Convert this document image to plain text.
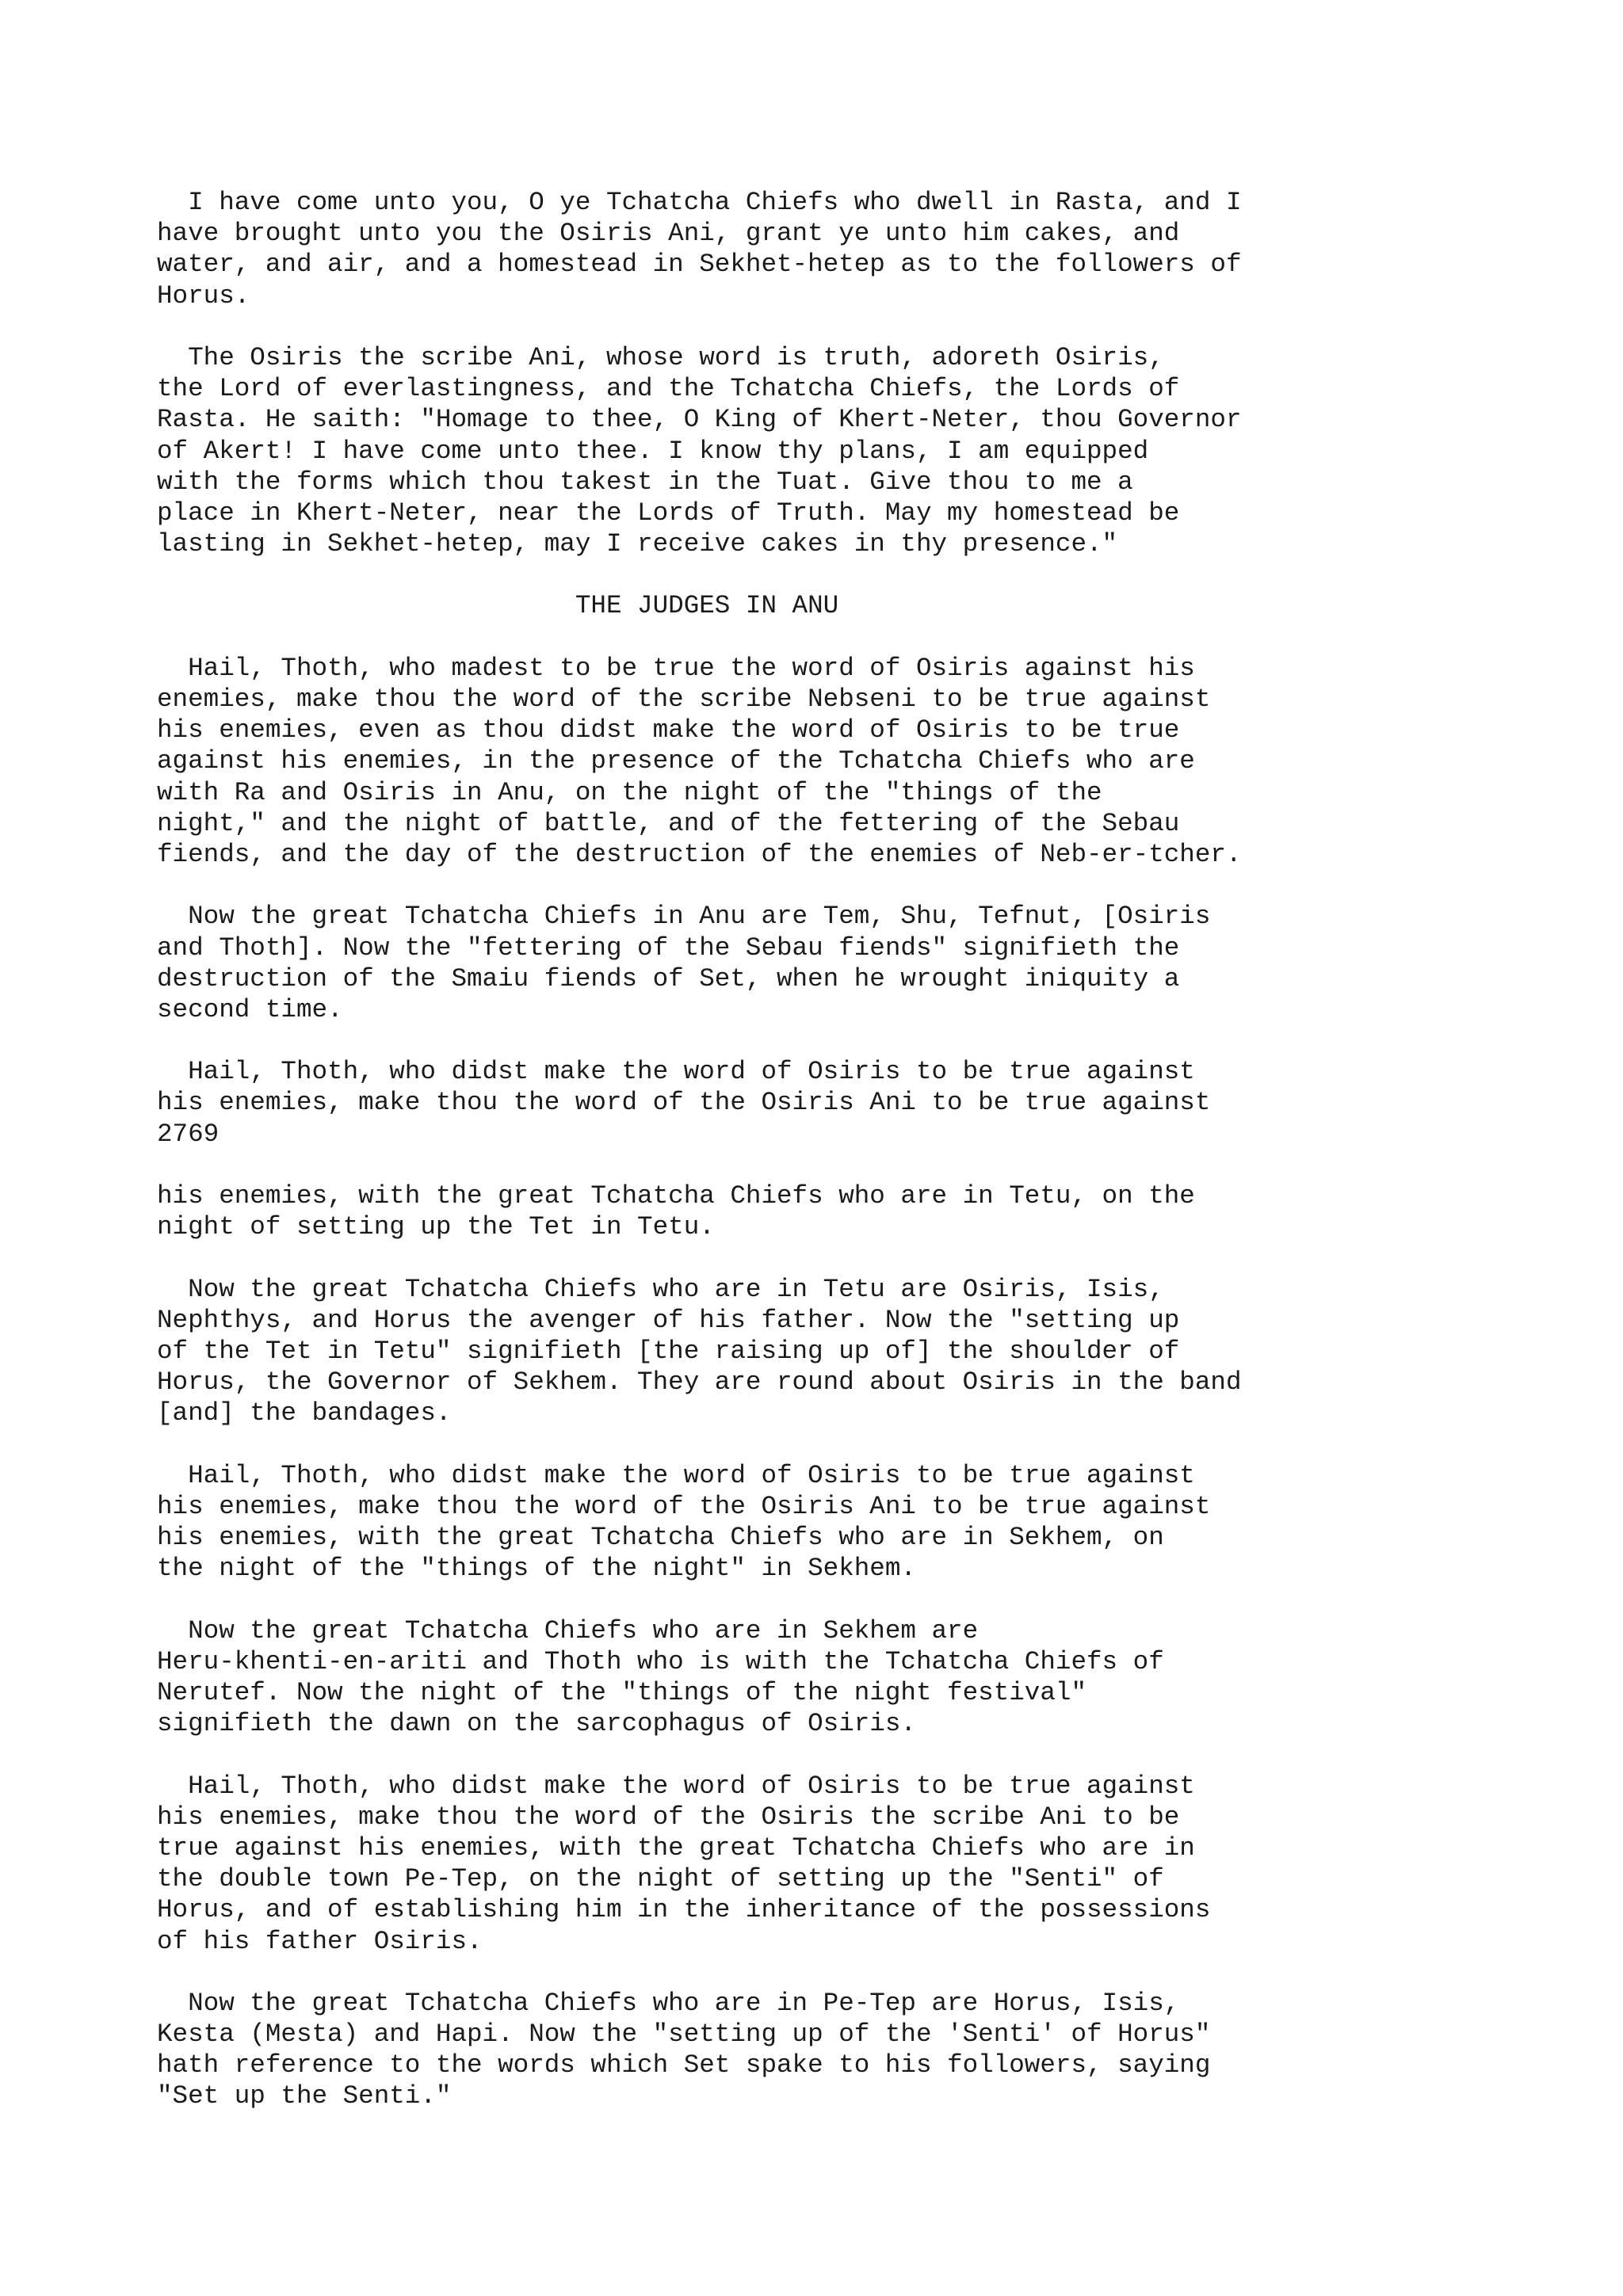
I have come unto you, O ye Tchatcha Chiefs who dwell in Rasta, and I
have brought unto you the Osiris Ani, grant ye unto him cakes, and
water, and air, and a homestead in Sekhet-hetep as to the followers of
Horus.
The Osiris the scribe Ani, whose word is truth, adoreth Osiris,
the Lord of everlastingness, and the Tchatcha Chiefs, the Lords of
Rasta. He saith: "Homage to thee, O King of Khert-Neter, thou Governor
of Akert! I have come unto thee. I know thy plans, I am equipped
with the forms which thou takest in the Tuat. Give thou to me a
place in Khert-Neter, near the Lords of Truth. May my homestead be
lasting in Sekhet-hetep, may I receive cakes in thy presence."
THE JUDGES IN ANU
Hail, Thoth, who madest to be true the word of Osiris against his
enemies, make thou the word of the scribe Nebseni to be true against
his enemies, even as thou didst make the word of Osiris to be true
against his enemies, in the presence of the Tchatcha Chiefs who are
with Ra and Osiris in Anu, on the night of the "things of the
night," and the night of battle, and of the fettering of the Sebau
fiends, and the day of the destruction of the enemies of Neb-er-tcher.
Now the great Tchatcha Chiefs in Anu are Tem, Shu, Tefnut, [Osiris
and Thoth]. Now the "fettering of the Sebau fiends" signifieth the
destruction of the Smaiu fiends of Set, when he wrought iniquity a
second time.
Hail, Thoth, who didst make the word of Osiris to be true against
his enemies, make thou the word of the Osiris Ani to be true against
2769
his enemies, with the great Tchatcha Chiefs who are in Tetu, on the
night of setting up the Tet in Tetu.
Now the great Tchatcha Chiefs who are in Tetu are Osiris, Isis,
Nephthys, and Horus the avenger of his father. Now the "setting up
of the Tet in Tetu" signifieth [the raising up of] the shoulder of
Horus, the Governor of Sekhem. They are round about Osiris in the band
[and] the bandages.
Hail, Thoth, who didst make the word of Osiris to be true against
his enemies, make thou the word of the Osiris Ani to be true against
his enemies, with the great Tchatcha Chiefs who are in Sekhem, on
the night of the "things of the night" in Sekhem.
Now the great Tchatcha Chiefs who are in Sekhem are
Heru-khenti-en-ariti and Thoth who is with the Tchatcha Chiefs of
Nerutef. Now the night of the "things of the night festival"
signifieth the dawn on the sarcophagus of Osiris.
Hail, Thoth, who didst make the word of Osiris to be true against
his enemies, make thou the word of the Osiris the scribe Ani to be
true against his enemies, with the great Tchatcha Chiefs who are in
the double town Pe-Tep, on the night of setting up the "Senti" of
Horus, and of establishing him in the inheritance of the possessions
of his father Osiris.
Now the great Tchatcha Chiefs who are in Pe-Tep are Horus, Isis,
Kesta (Mesta) and Hapi. Now the "setting up of the 'Senti' of Horus"
hath reference to the words which Set spake to his followers, saying
"Set up the Senti."
